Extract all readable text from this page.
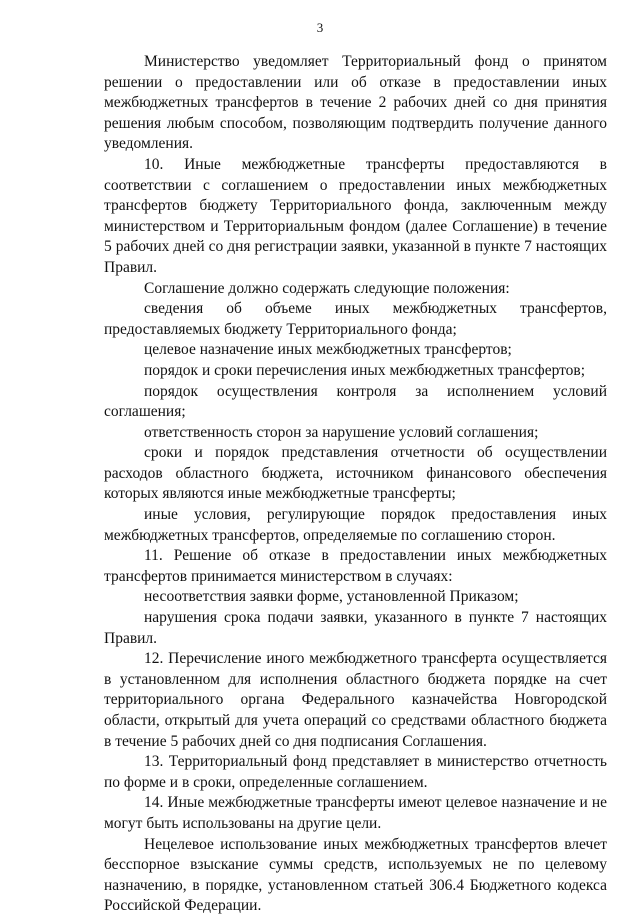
3

Министерство уведомляет Территориальный фонд о принятом решении о предоставлении или об отказе в предоставлении иных межбюджетных трансфертов в течение 2 рабочих дней со дня принятия решения любым способом, позволяющим подтвердить получение данного уведомления.

10. Иные межбюджетные трансферты предоставляются в соответствии с соглашением о предоставлении иных межбюджетных трансфертов бюджету Территориального фонда, заключенным между министерством и Территориальным фондом (далее Соглашение) в течение 5 рабочих дней со дня регистрации заявки, указанной в пункте 7 настоящих Правил.

Соглашение должно содержать следующие положения:

сведения об объеме иных межбюджетных трансфертов, предоставляемых бюджету Территориального фонда;

целевое назначение иных межбюджетных трансфертов;

порядок и сроки перечисления иных межбюджетных трансфертов;

порядок осуществления контроля за исполнением условий соглашения;

ответственность сторон за нарушение условий соглашения;

сроки и порядок представления отчетности об осуществлении расходов областного бюджета, источником финансового обеспечения которых являются иные межбюджетные трансферты;

иные условия, регулирующие порядок предоставления иных межбюджетных трансфертов, определяемые по соглашению сторон.

11. Решение об отказе в предоставлении иных межбюджетных трансфертов принимается министерством в случаях:

несоответствия заявки форме, установленной Приказом;

нарушения срока подачи заявки, указанного в пункте 7 настоящих Правил.

12. Перечисление иного межбюджетного трансферта осуществляется в установленном для исполнения областного бюджета порядке на счет территориального органа Федерального казначейства Новгородской области, открытый для учета операций со средствами областного бюджета в течение 5 рабочих дней со дня подписания Соглашения.

13. Территориальный фонд представляет в министерство отчетность по форме и в сроки, определенные соглашением.

14. Иные межбюджетные трансферты имеют целевое назначение и не могут быть использованы на другие цели.

Нецелевое использование иных межбюджетных трансфертов влечет бесспорное взыскание суммы средств, используемых не по целевому назначению, в порядке, установленном статьей 306.4 Бюджетного кодекса Российской Федерации.
